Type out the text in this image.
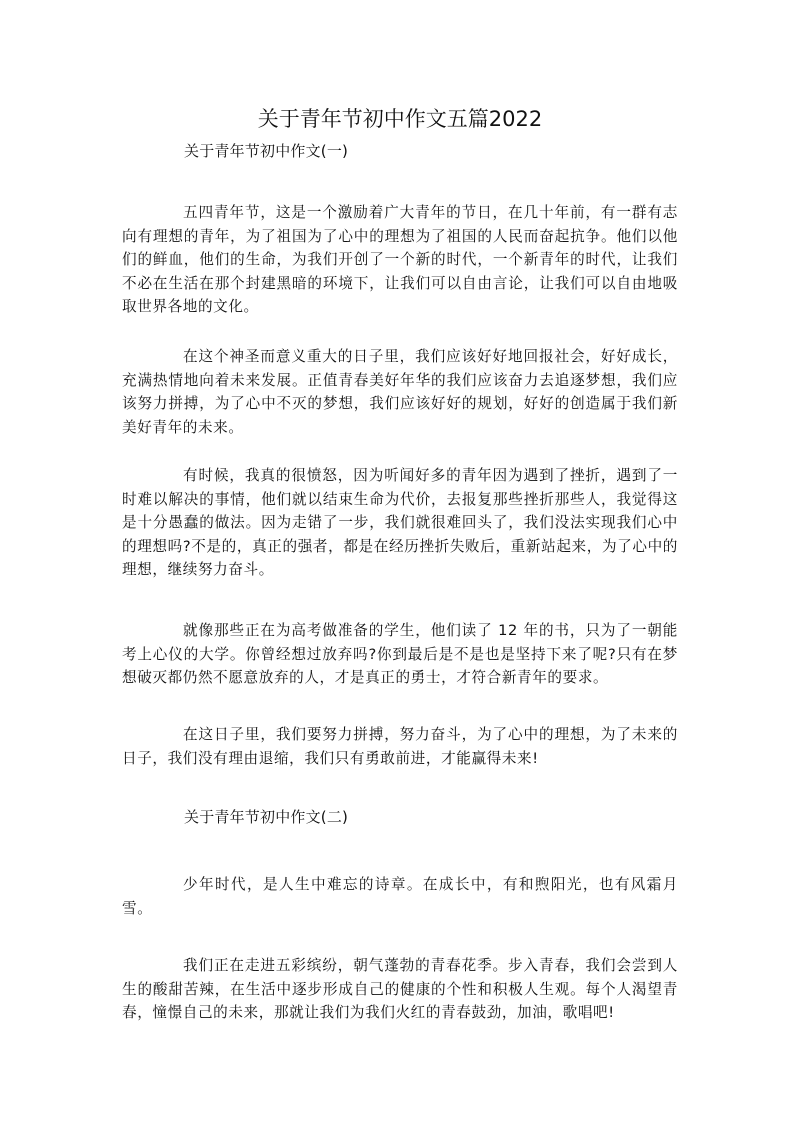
关于青年节初中作文五篇2022
关于青年节初中作文(一)

五四青年节，这是一个激励着广大青年的节日，在几十年前，有一群有志向有理想的青年，为了祖国为了心中的理想为了祖国的人民而奋起抗争。他们以他们的鲜血，他们的生命，为我们开创了一个新的时代，一个新青年的时代，让我们不必在生活在那个封建黑暗的环境下，让我们可以自由言论，让我们可以自由地吸取世界各地的文化。

在这个神圣而意义重大的日子里，我们应该好好地回报社会，好好成长，充满热情地向着未来发展。正值青春美好年华的我们应该奋力去追逐梦想，我们应该努力拼搏，为了心中不灭的梦想，我们应该好好的规划，好好的创造属于我们新美好青年的未来。

有时候，我真的很愤怒，因为听闻好多的青年因为遇到了挫折，遇到了一时难以解决的事情，他们就以结束生命为代价，去报复那些挫折那些人，我觉得这是十分愚蠢的做法。因为走错了一步，我们就很难回头了，我们没法实现我们心中的理想吗?不是的，真正的强者，都是在经历挫折失败后，重新站起来，为了心中的理想，继续努力奋斗。

就像那些正在为高考做准备的学生，他们读了 12 年的书，只为了一朝能考上心仪的大学。你曾经想过放弃吗?你到最后是不是也是坚持下来了呢?只有在梦想破灭都仍然不愿意放弃的人，才是真正的勇士，才符合新青年的要求。

在这日子里，我们要努力拼搏，努力奋斗，为了心中的理想，为了未来的日子，我们没有理由退缩，我们只有勇敢前进，才能赢得未来!

关于青年节初中作文(二)

少年时代，是人生中难忘的诗章。在成长中，有和煦阳光，也有风霜月雪。

我们正在走进五彩缤纷，朝气蓬勃的青春花季。步入青春，我们会尝到人生的酸甜苦辣，在生活中逐步形成自己的健康的个性和积极人生观。每个人渴望青春，憧憬自己的未来，那就让我们为我们火红的青春鼓劲，加油，歌唱吧!
